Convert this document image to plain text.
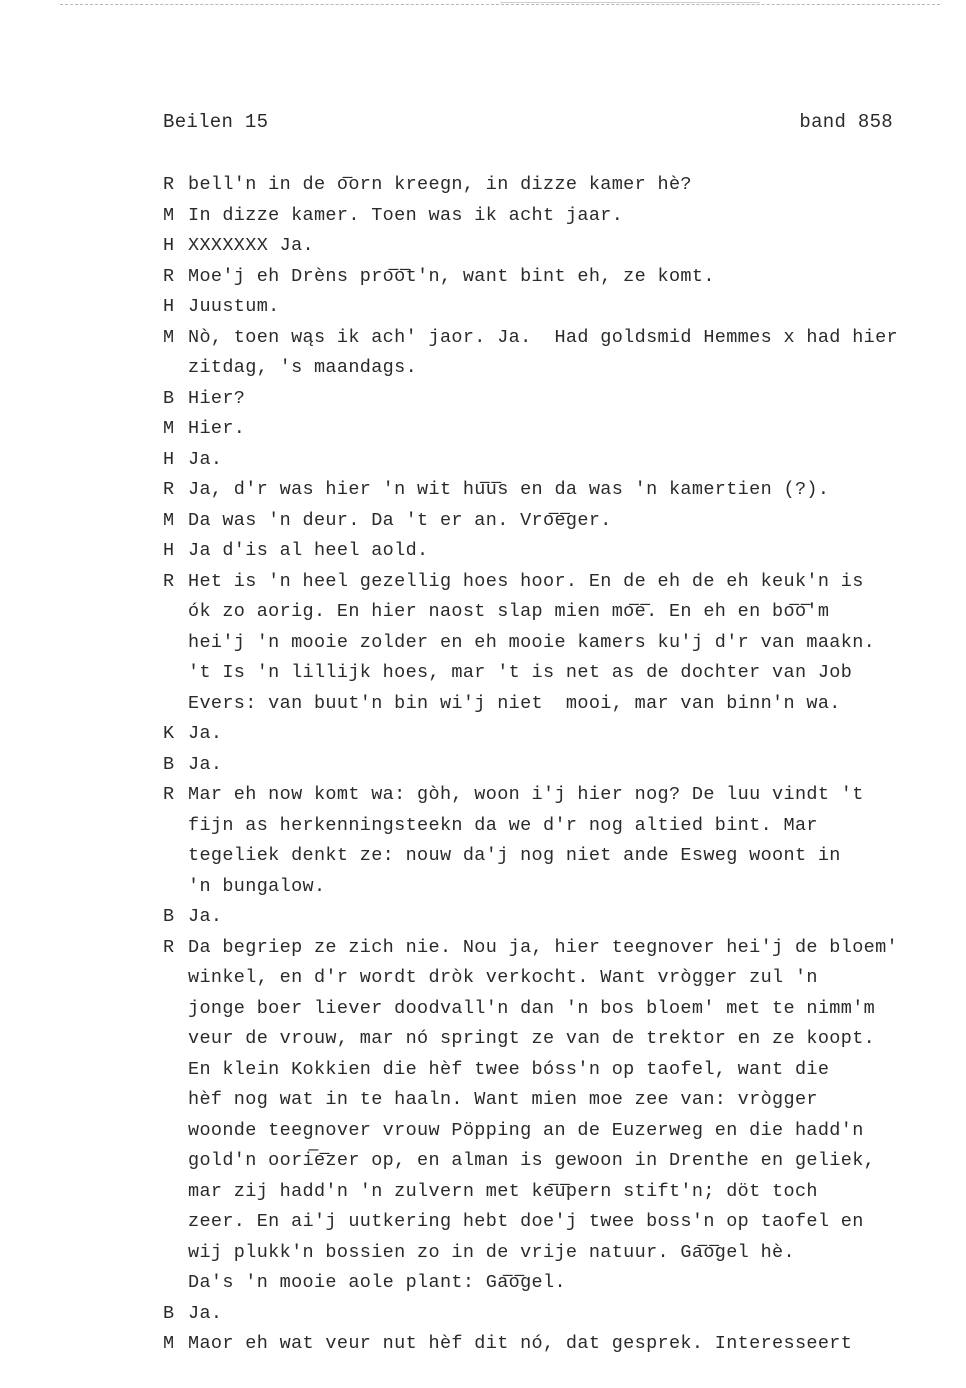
Beilen 15	band 858
R bell'n in de o͞orn kreegn, in dizze kamer hè?
M In dizze kamer. Toen was ik acht jaar.
H XXXXXXX Ja.
R Moe'j eh Drèns pro͞o͞t'n, want bint eh, ze komt.
H Juustum.
M Nò, toen wąs ik ach' jaor. Ja.  Had goldsmid Hemmes x had hier
zitdag, 's maandags.
B Hier?
M Hier.
H Ja.
R Ja, d'r was hier 'n wit hu͞u͞s en da was 'n kamertien (?).
M Da was 'n deur. Da 't er an. Vro͞e͞ger.
H Ja d'is al heel aold.
R Het is 'n heel gezellig hoes hoor. En de eh de eh keuk'n is
ók zo aorig. En hier naost slap mien mo͞e͞. En eh en bo͞o͞'m
hei'j 'n mooie zolder en eh mooie kamers ku'j d'r van maakn.
't Is 'n lillijk hoes, mar 't is net as de dochter van Job
Evers: van buut'n bin wi'j niet  mooi, mar van binn'n wa.
K Ja.
B Ja.
R Mar eh now komt wa: gòh, woon i'j hier nog? De luu vindt 't
fijn as herkenningsteekn da we d'r nog altied bint. Mar
tegeliek denkt ze: nouw da'j nog niet ande Esweg woont in
'n bungalow.
B Ja.
R Da begriep ze zich nie. Nou ja, hier teegnover hei'j de bloem'
winkel, en d'r wordt dròk verkocht. Want vrògger zul 'n
jonge boer liever doodvall'n dan 'n bos bloem' met te nimm'm
veur de vrouw, mar nó springt ze van de trektor en ze koopt.
En klein Kokkien die hèf twee bóss'n op taofel, want die
hèf nog wat in te haaln. Want mien moe zee van: vrògger
woonde teegnover vrouw Pöpping an de Euzerweg en die hadd'n
gold'n oori͞e͞zer op, en alman is gewoon in Drenthe en geliek,
mar zij hadd'n 'n zulvern met ke͞u͞pern stift'n; döt toch
zeer. En ai'j uutkering hebt doe'j twee boss'n op taofel en
wij plukk'n bossien zo in de vrije natuur. Ga͞o͞gel hè.
Da's 'n mooie aole plant: Ga͞o͞gel.
B Ja.
M Maor eh wat veur nut hèf dit nó, dat gesprek. Interesseert
